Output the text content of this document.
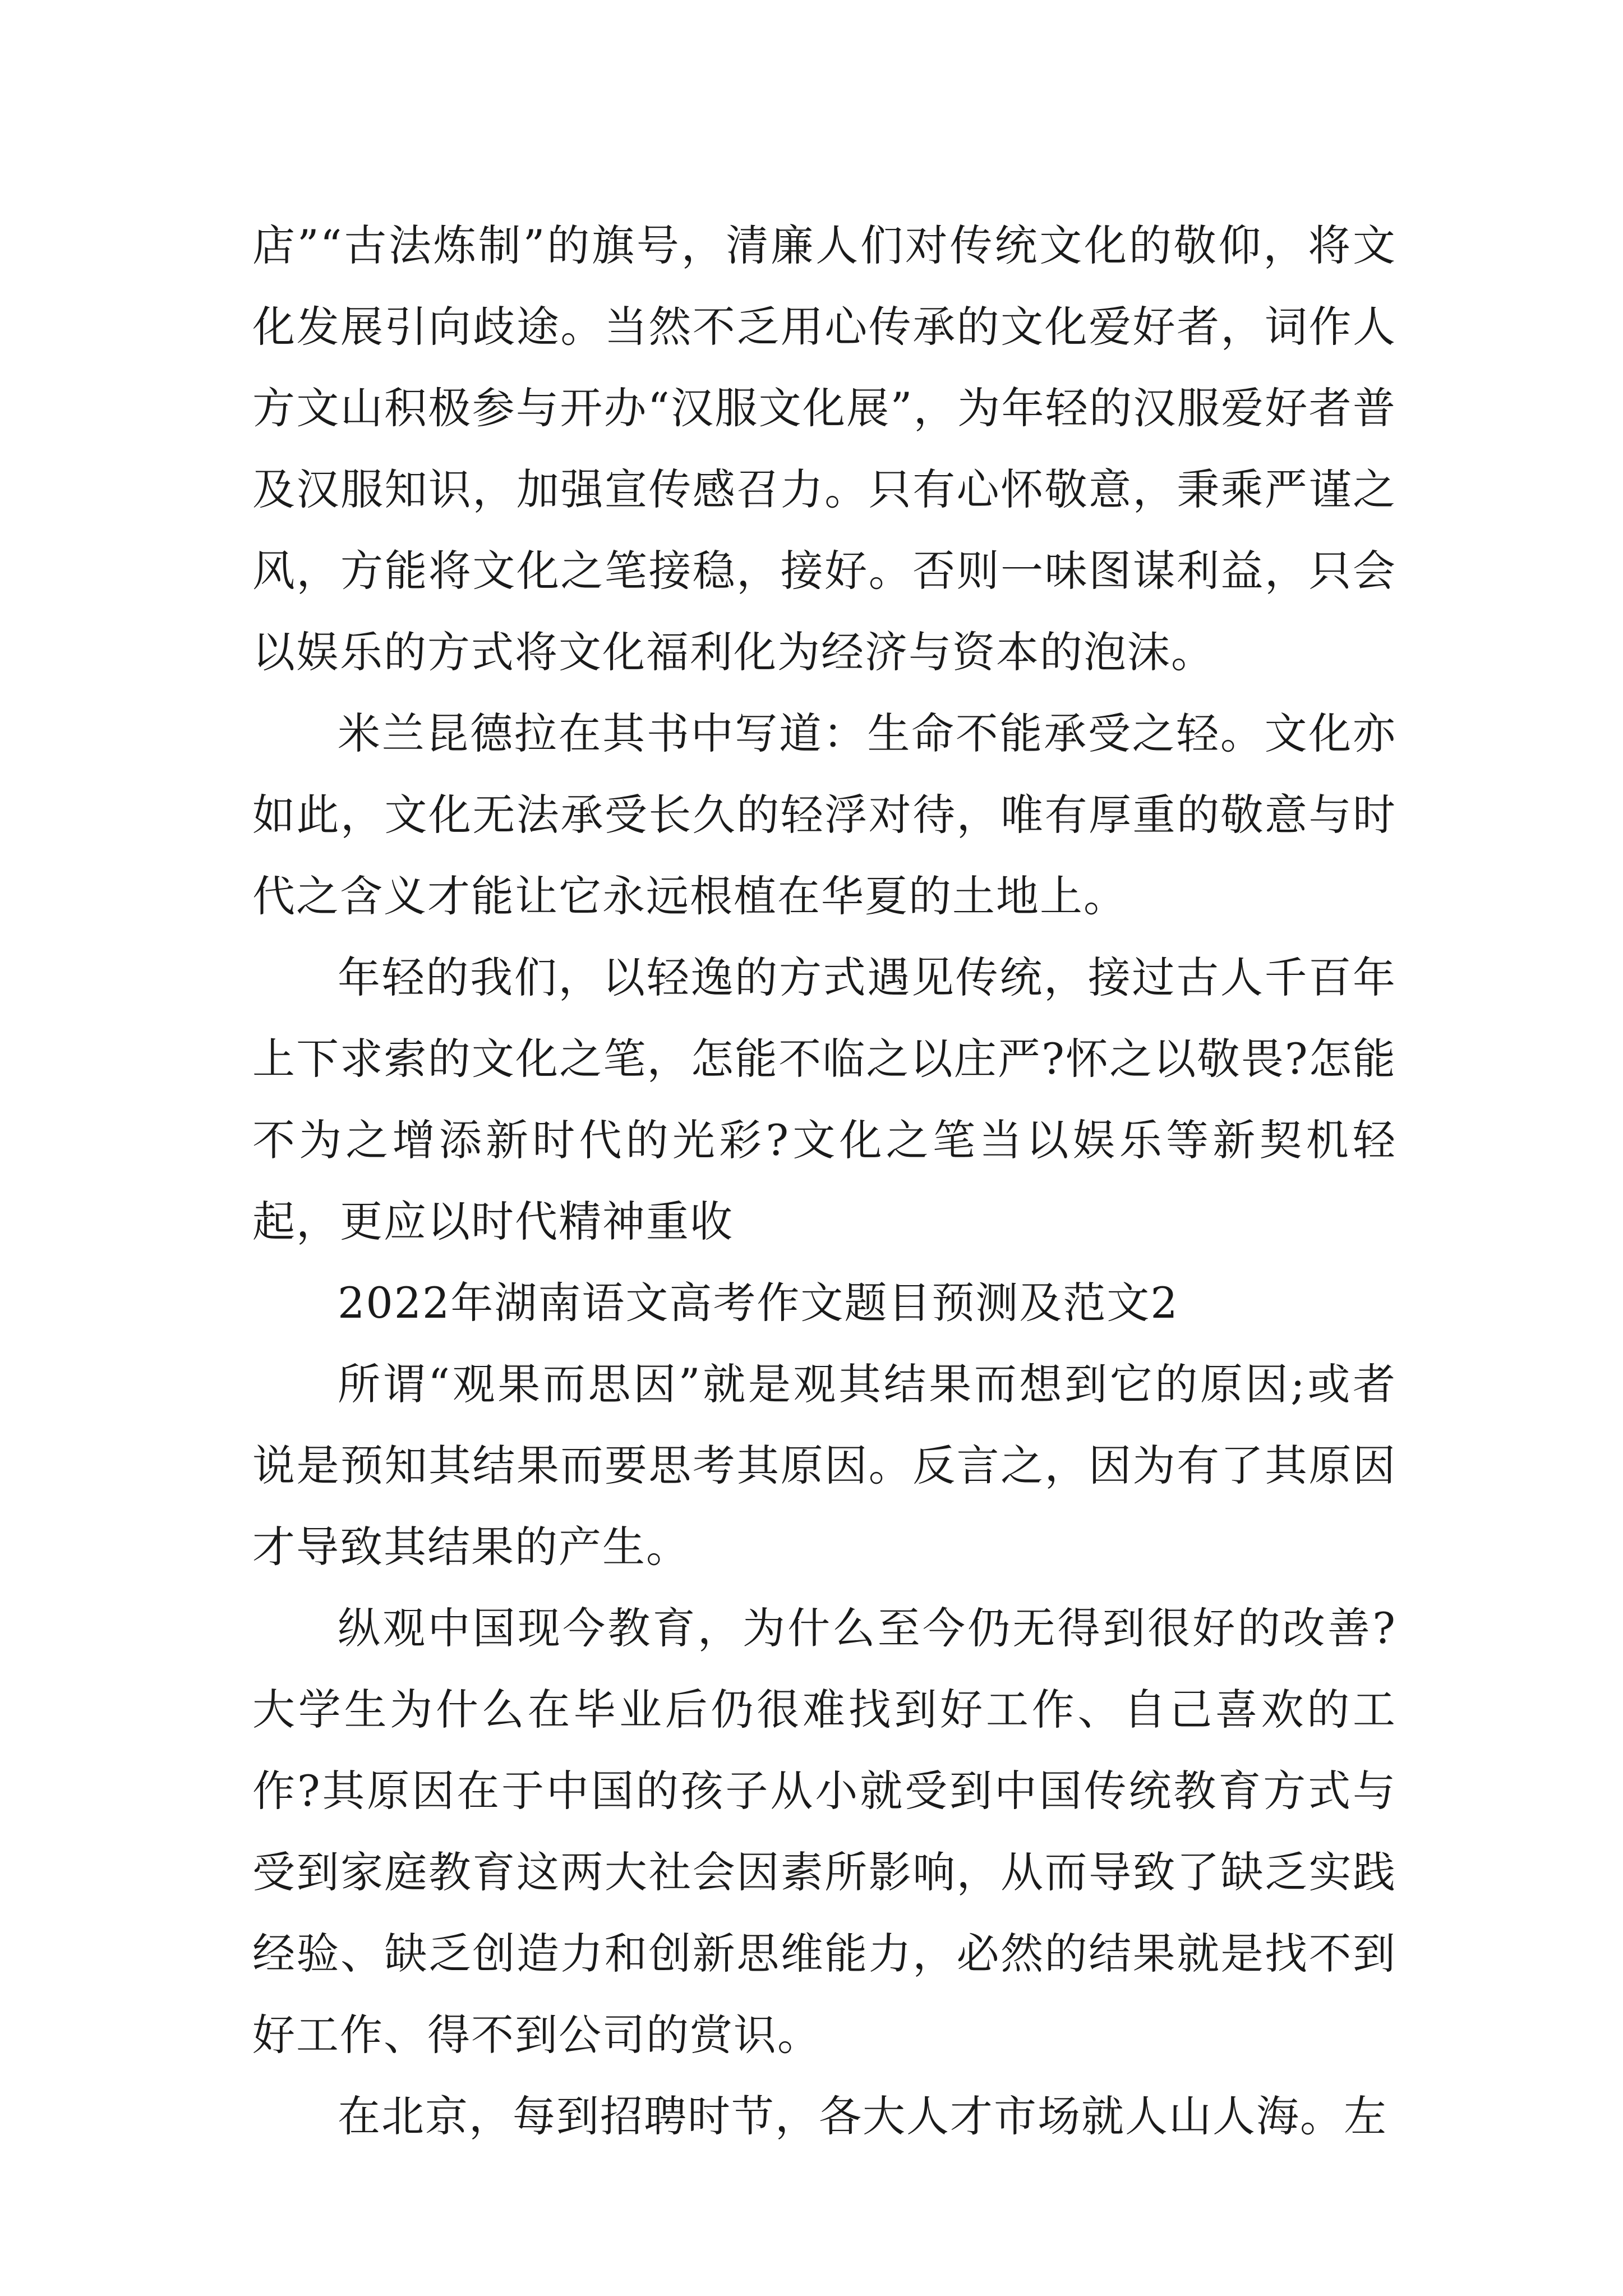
店”“古法炼制”的旗号，清廉人们对传统文化的敬仰，将文化发展引向歧途。当然不乏用心传承的文化爱好者，词作人方文山积极参与开办“汉服文化展”，为年轻的汉服爱好者普及汉服知识，加强宣传感召力。只有心怀敬意，秉乘严谨之风，方能将文化之笔接稳，接好。否则一味图谋利益，只会以娱乐的方式将文化福利化为经济与资本的泡沫。

米兰昆德拉在其书中写道：生命不能承受之轻。文化亦如此，文化无法承受长久的轻浮对待，唯有厚重的敬意与时代之含义才能让它永远根植在华夏的土地上。

年轻的我们，以轻逸的方式遇见传统，接过古人千百年上下求索的文化之笔，怎能不临之以庄严?怀之以敬畏?怎能不为之增添新时代的光彩?文化之笔当以娱乐等新契机轻起，更应以时代精神重收

2022年湖南语文高考作文题目预测及范文2

所谓“观果而思因”就是观其结果而想到它的原因;或者说是预知其结果而要思考其原因。反言之，因为有了其原因才导致其结果的产生。

纵观中国现今教育，为什么至今仍无得到很好的改善?大学生为什么在毕业后仍很难找到好工作、自己喜欢的工作?其原因在于中国的孩子从小就受到中国传统教育方式与受到家庭教育这两大社会因素所影响，从而导致了缺乏实践经验、缺乏创造力和创新思维能力，必然的结果就是找不到好工作、得不到公司的赏识。

在北京，每到招聘时节，各大人才市场就人山人海。左
